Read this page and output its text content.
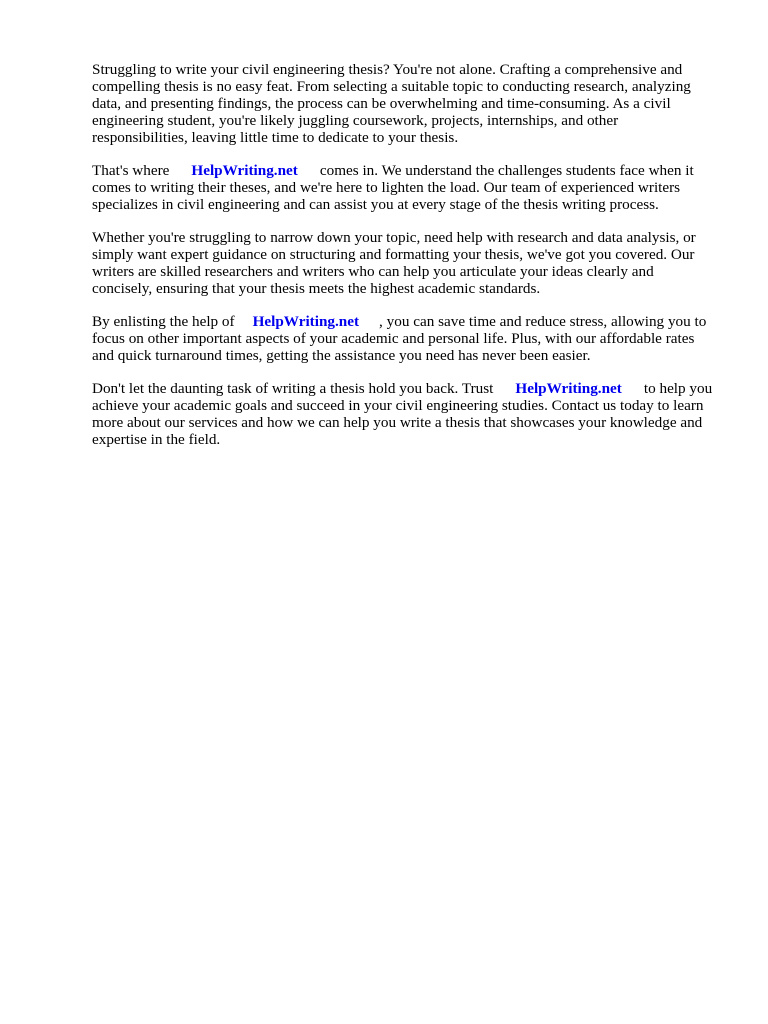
Struggling to write your civil engineering thesis? You're not alone. Crafting a comprehensive and compelling thesis is no easy feat. From selecting a suitable topic to conducting research, analyzing data, and presenting findings, the process can be overwhelming and time-consuming. As a civil engineering student, you're likely juggling coursework, projects, internships, and other responsibilities, leaving little time to dedicate to your thesis.

That's where HelpWriting.net comes in. We understand the challenges students face when it comes to writing their theses, and we're here to lighten the load. Our team of experienced writers specializes in civil engineering and can assist you at every stage of the thesis writing process.

Whether you're struggling to narrow down your topic, need help with research and data analysis, or simply want expert guidance on structuring and formatting your thesis, we've got you covered. Our writers are skilled researchers and writers who can help you articulate your ideas clearly and concisely, ensuring that your thesis meets the highest academic standards.

By enlisting the help of HelpWriting.net , you can save time and reduce stress, allowing you to focus on other important aspects of your academic and personal life. Plus, with our affordable rates and quick turnaround times, getting the assistance you need has never been easier.

Don't let the daunting task of writing a thesis hold you back. Trust HelpWriting.net to help you achieve your academic goals and succeed in your civil engineering studies. Contact us today to learn more about our services and how we can help you write a thesis that showcases your knowledge and expertise in the field.
